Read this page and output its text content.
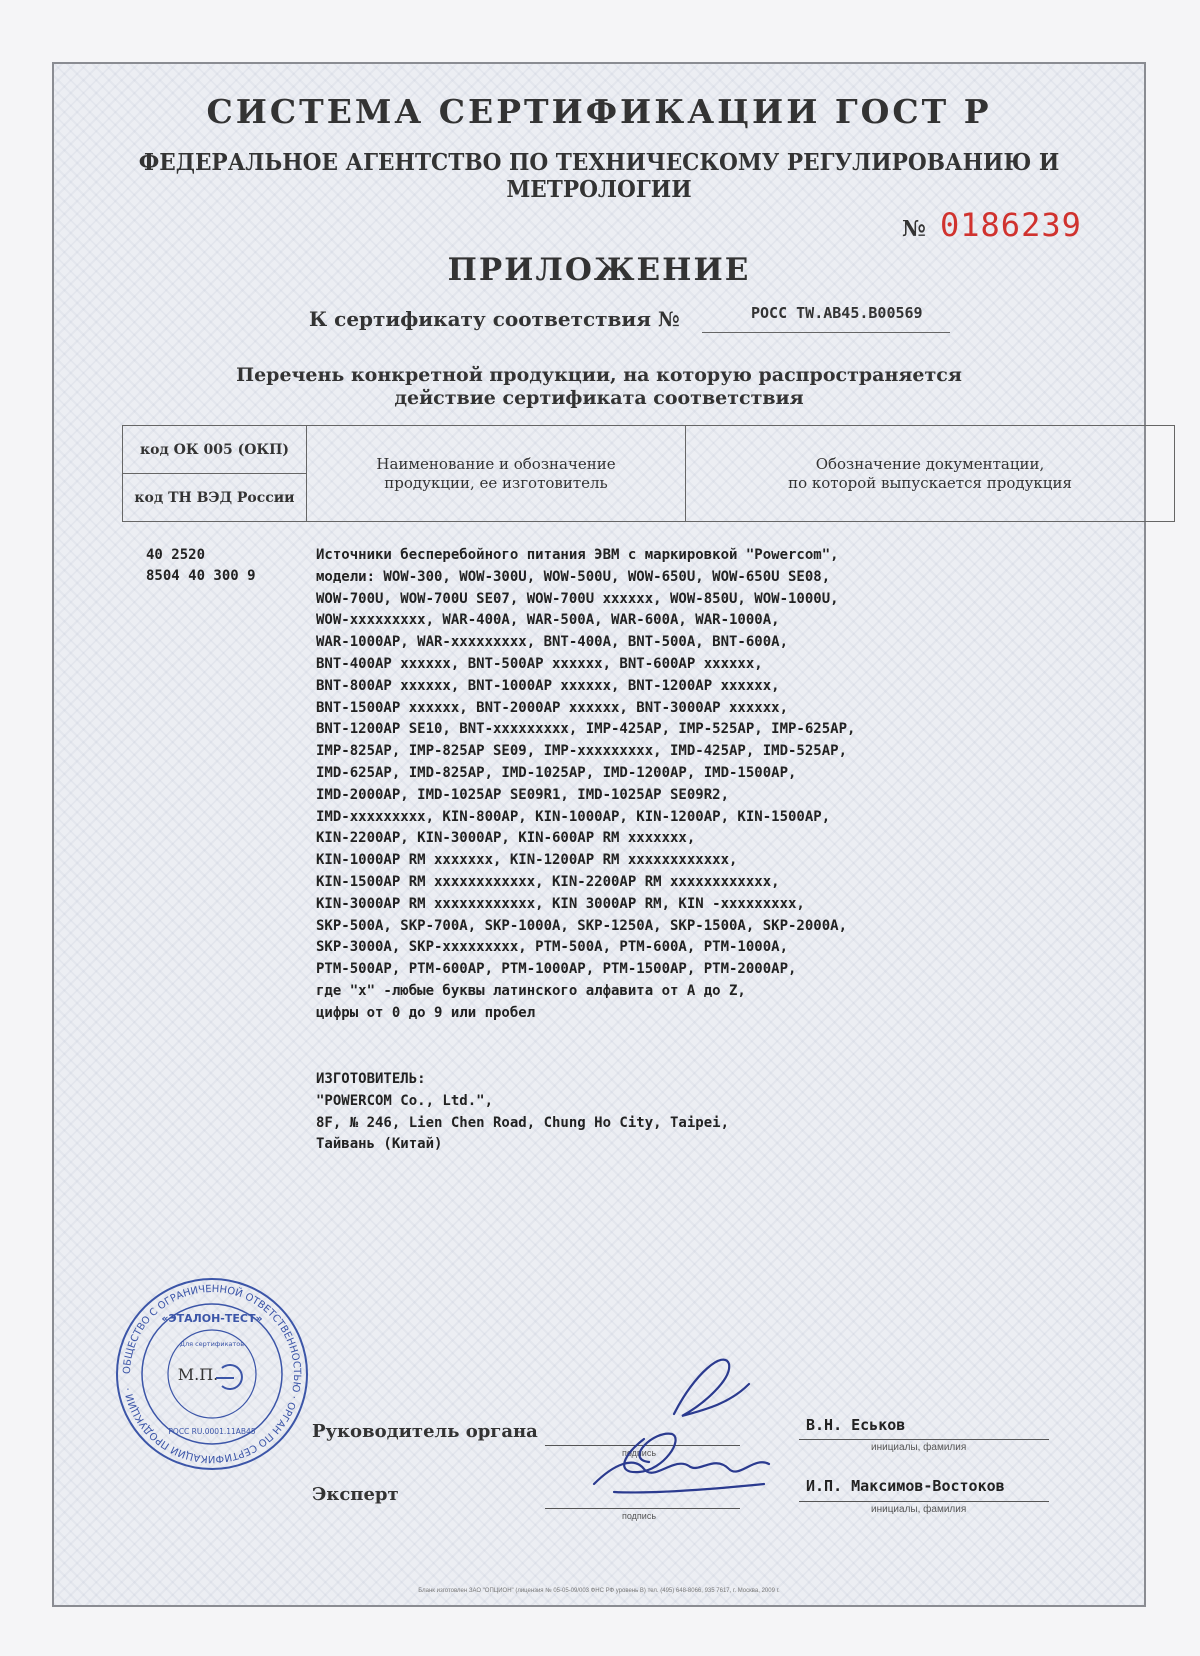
СИСТЕМА СЕРТИФИКАЦИИ ГОСТ Р
ФЕДЕРАЛЬНОЕ АГЕНТСТВО ПО ТЕХНИЧЕСКОМУ РЕГУЛИРОВАНИЮ И МЕТРОЛОГИИ
№ 0186239
ПРИЛОЖЕНИЕ
К сертификату соответствия №	РОСС TW.AB45.B00569
Перечень конкретной продукции, на которую распространяется
действие сертификата соответствия
код ОК 005 (ОКП)
код ТН ВЭД России
Наименование и обозначение
продукции, ее изготовитель
Обозначение документации,
по которой выпускается продукция
40 2520
8504 40 300 9
Источники бесперебойного питания ЭВМ с маркировкой "Powercom",
модели: WOW-300, WOW-300U, WOW-500U, WOW-650U, WOW-650U SE08,
WOW-700U, WOW-700U SE07, WOW-700U xxxxxx, WOW-850U, WOW-1000U,
WOW-xxxxxxxxx, WAR-400A, WAR-500A, WAR-600A, WAR-1000A,
WAR-1000AP, WAR-xxxxxxxxx, BNT-400A, BNT-500A, BNT-600A,
BNT-400AP xxxxxx, BNT-500AP xxxxxx, BNT-600AP xxxxxx,
BNT-800AP xxxxxx, BNT-1000AP xxxxxx, BNT-1200AP xxxxxx,
BNT-1500AP xxxxxx, BNT-2000AP xxxxxx, BNT-3000AP xxxxxx,
BNT-1200AP SE10, BNT-xxxxxxxxx, IMP-425AP, IMP-525AP, IMP-625AP,
IMP-825AP, IMP-825AP SE09, IMP-xxxxxxxxx, IMD-425AP, IMD-525AP,
IMD-625AP, IMD-825AP, IMD-1025AP, IMD-1200AP, IMD-1500AP,
IMD-2000AP, IMD-1025AP SE09R1, IMD-1025AP SE09R2,
IMD-xxxxxxxxx, KIN-800AP, KIN-1000AP, KIN-1200AP, KIN-1500AP,
KIN-2200AP, KIN-3000AP, KIN-600AP RM xxxxxxx,
KIN-1000AP RM xxxxxxx, KIN-1200AP RM xxxxxxxxxxxx,
KIN-1500AP RM xxxxxxxxxxxx, KIN-2200AP RM xxxxxxxxxxxx,
KIN-3000AP RM xxxxxxxxxxxx, KIN 3000AP RM, KIN -xxxxxxxxx,
SKP-500A, SKP-700A, SKP-1000A, SKP-1250A, SKP-1500A, SKP-2000A,
SKP-3000A, SKP-xxxxxxxxx, PTM-500A, PTM-600A, PTM-1000A,
PTM-500AP, PTM-600AP, PTM-1000AP, PTM-1500AP, PTM-2000AP,
где "x" -любые буквы латинского алфавита от A до Z,
цифры от 0 до 9 или пробел
ИЗГОТОВИТЕЛЬ:
"POWERCOM Co., Ltd.",
8F, № 246, Lien Chen Road, Chung Ho City, Taipei,
Тайвань (Китай)
ОБЩЕСТВО С ОГРАНИЧЕННОЙ ОТВЕТСТВЕННОСТЬЮ · ОРГАН ПО СЕРТИФИКАЦИИ ПРОДУКЦИИ ·
«ЭТАЛОН-ТЕСТ»
Для сертификатов
М.П.
РОСС RU.0001.11АВ45	Руководитель органа
подпись
В.Н. Еськов
инициалы, фамилия
Эксперт
подпись
И.П. Максимов-Востоков
инициалы, фамилия
Бланк изготовлен ЗАО "ОПЦИОН" (лицензия № 05-05-09/003 ФНС РФ уровень В) тел. (495) 648-8066, 935 7617, г. Москва, 2009 г.
